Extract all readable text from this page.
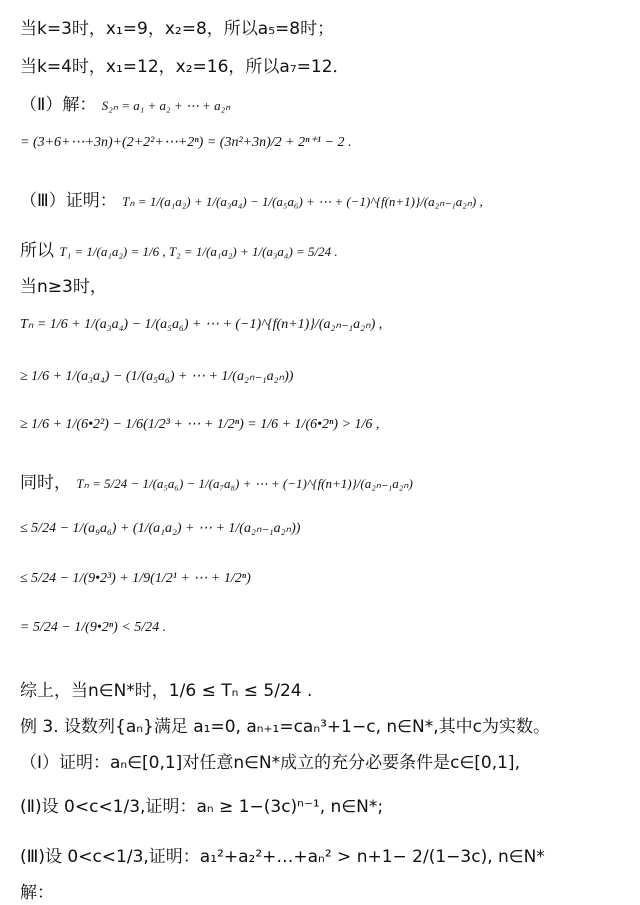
当k=3时，x₁=9，x₂=8，所以a₅=8时；
当k=4时，x₁=12，x₂=16，所以a₇=12．
（Ⅱ）解： S₂ₙ = a₁ + a₂ + ⋯ + a₂ₙ
= (3+6+⋯+3n)+(2+2²+⋯+2ⁿ) = (3n²+3n)/2 + 2ⁿ⁺¹ − 2 .
（Ⅲ）证明： Tₙ = 1/(a₁a₂) + 1/(a₃a₄) − 1/(a₅a₆) + ⋯ + (−1)^{f(n+1)}/(a₂ₙ₋₁a₂ₙ) ,
所以 T₁ = 1/(a₁a₂) = 1/6 , T₂ = 1/(a₁a₂) + 1/(a₃a₄) = 5/24 .
当n≥3时，
Tₙ = 1/6 + 1/(a₃a₄) − 1/(a₅a₆) + ⋯ + (−1)^{f(n+1)}/(a₂ₙ₋₁a₂ₙ) ,
≥ 1/6 + 1/(a₃a₄) − (1/(a₅a₆) + ⋯ + 1/(a₂ₙ₋₁a₂ₙ))
≥ 1/6 + 1/(6•2²) − 1/6(1/2³ + ⋯ + 1/2ⁿ) = 1/6 + 1/(6•2ⁿ) > 1/6 ,
同时， Tₙ = 5/24 − 1/(a₅a₆) − 1/(a₇a₈) + ⋯ + (−1)^{f(n+1)}/(a₂ₙ₋₁a₂ₙ)
≤ 5/24 − 1/(a₉a₆) + (1/(a₁a₂) + ⋯ + 1/(a₂ₙ₋₁a₂ₙ))
≤ 5/24 − 1/(9•2³) + 1/9(1/2¹ + ⋯ + 1/2ⁿ)
= 5/24 − 1/(9•2ⁿ) < 5/24 .
综上，当n∈N*时，1/6 ≤ Tₙ ≤ 5/24 .
例 3. 设数列{aₙ}满足 a₁=0, aₙ₊₁=caₙ³+1−c, n∈N*,其中c为实数。
（Ⅰ）证明：aₙ∈[0,1]对任意n∈N*成立的充分必要条件是c∈[0,1],
(Ⅱ)设 0<c<1/3,证明：aₙ ≥ 1−(3c)ⁿ⁻¹, n∈N*;
(Ⅲ)设 0<c<1/3,证明：a₁²+a₂²+…+aₙ² > n+1− 2/(1−3c), n∈N*
解：
